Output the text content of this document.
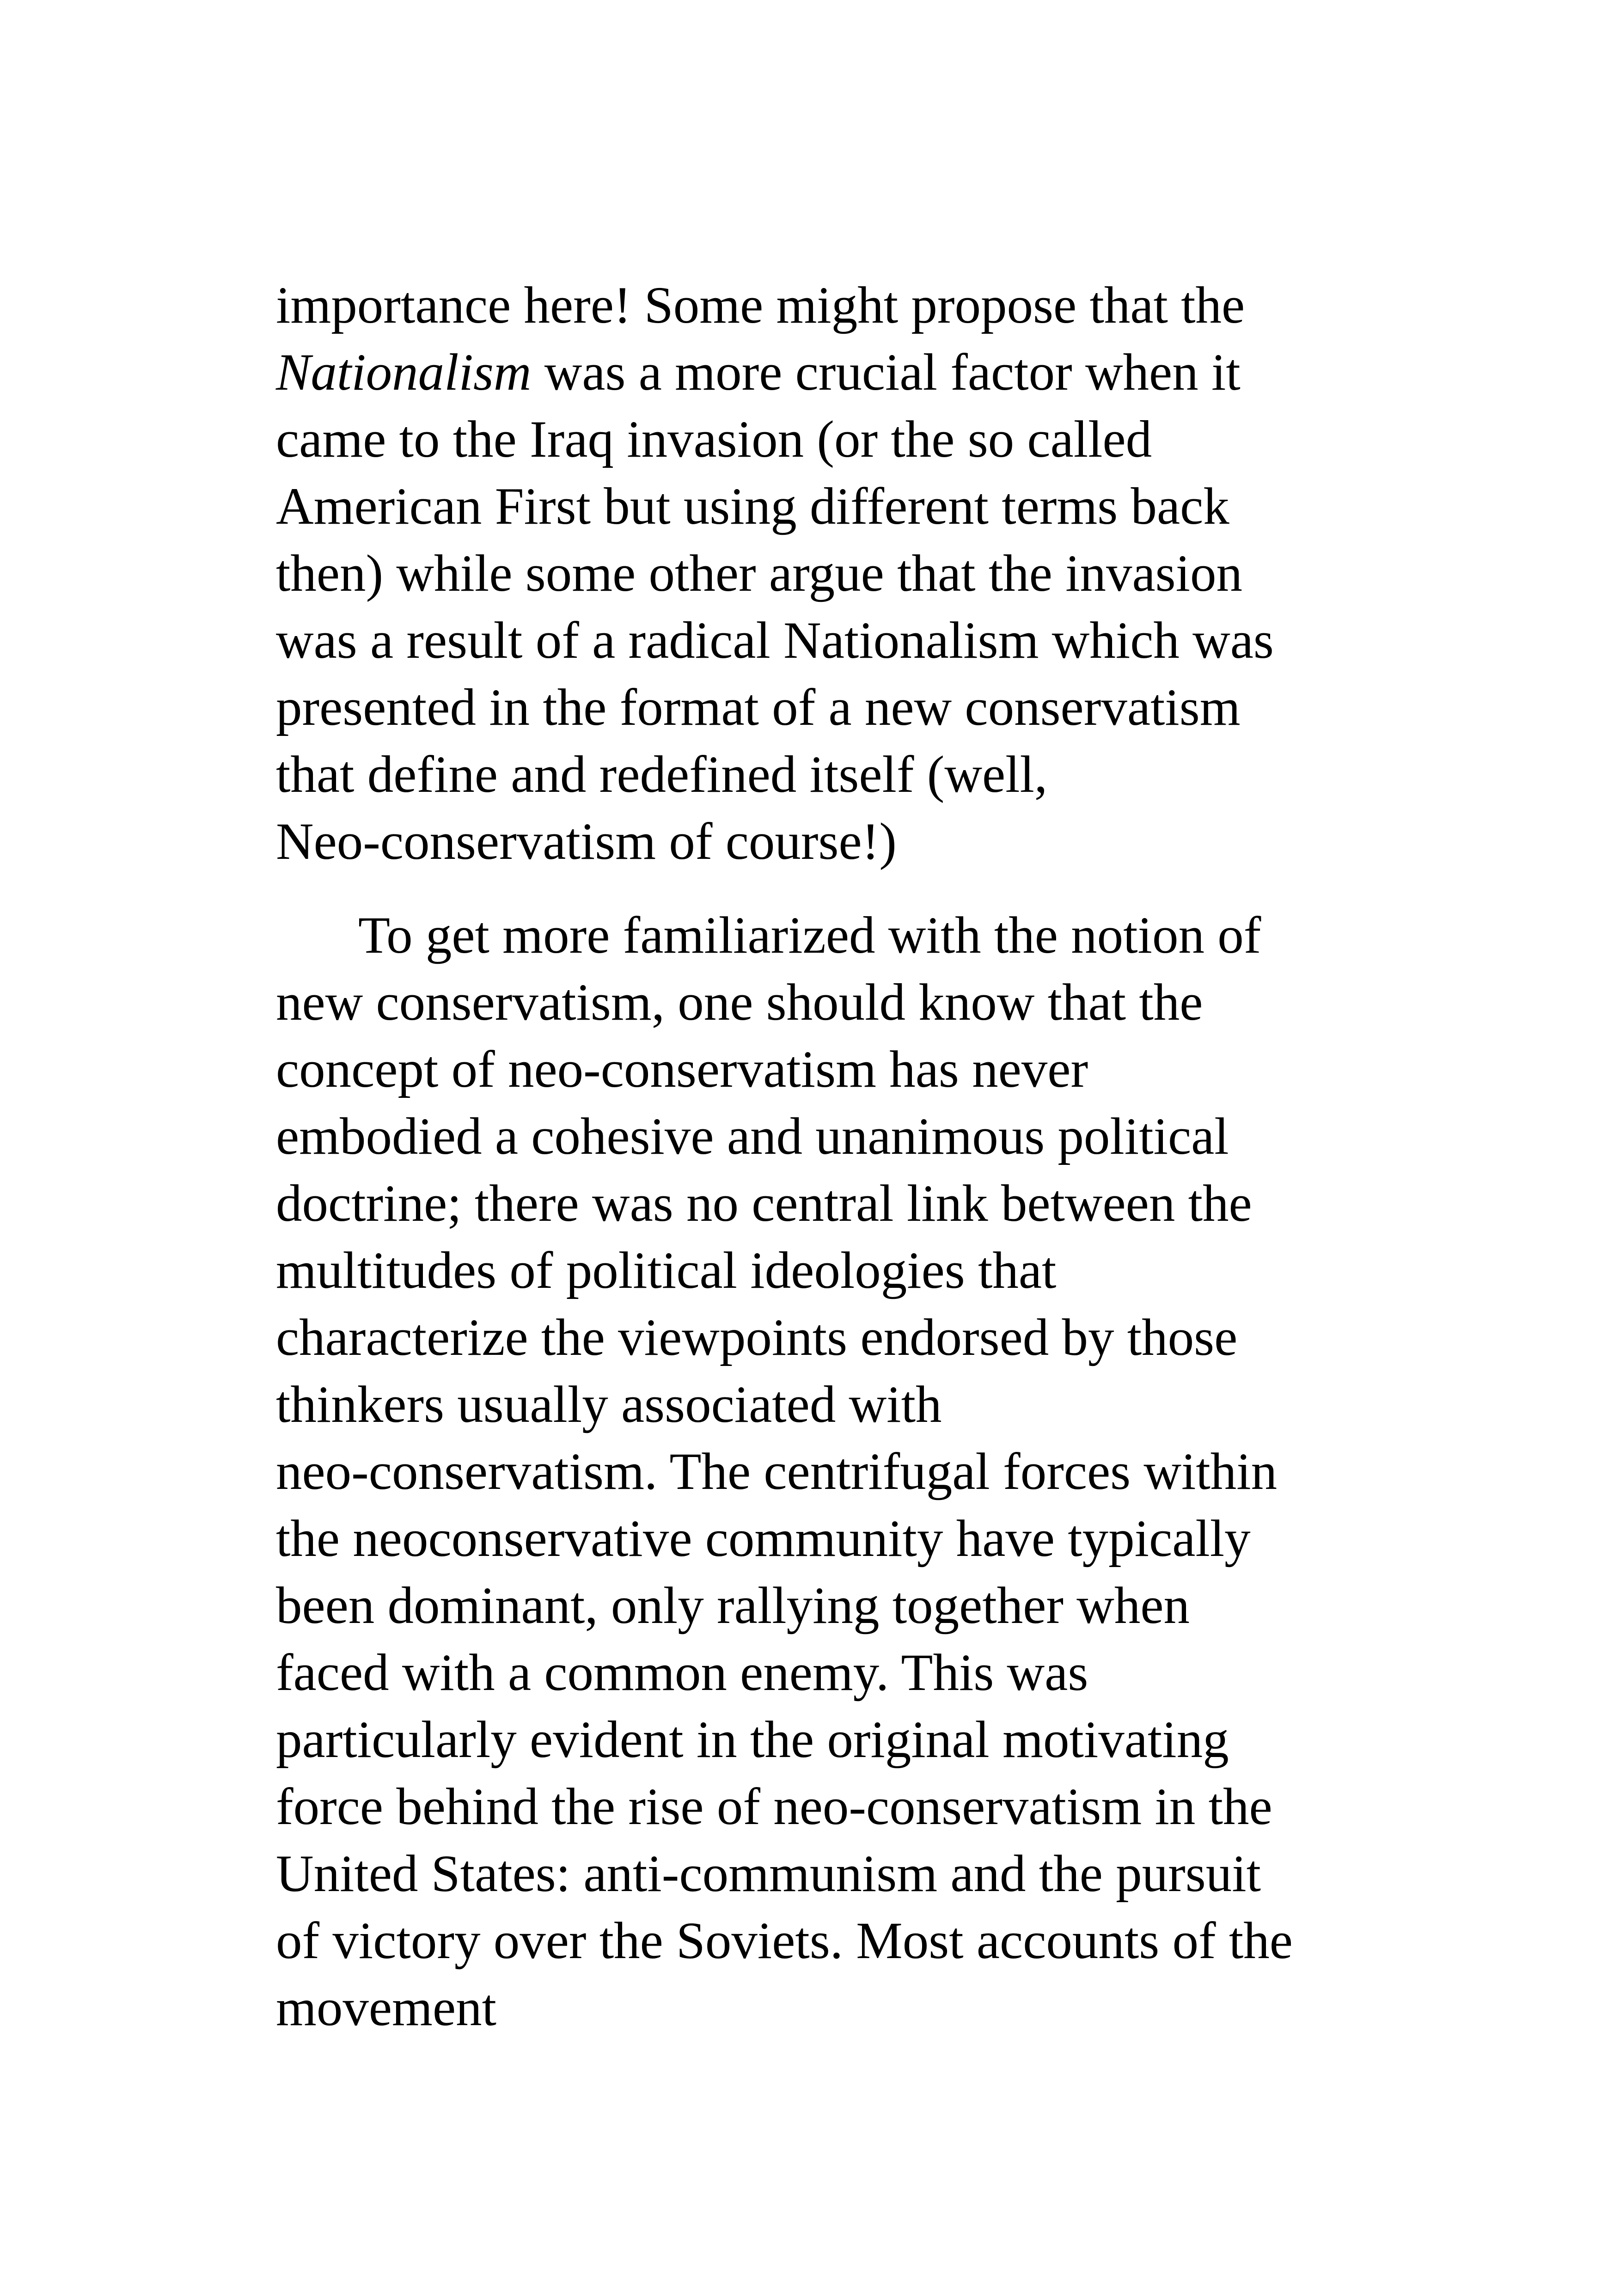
importance here! Some might propose that the
Nationalism was a more crucial factor when it
came to the Iraq invasion (or the so called
American First but using different terms back
then) while some other argue that the invasion
was a result of a radical Nationalism which was
presented in the format of a new conservatism
that define and redefined itself (well,
Neo-conservatism of course!)
To get more familiarized with the notion of
new conservatism, one should know that the
concept of neo-conservatism has never
embodied a cohesive and unanimous political
doctrine; there was no central link between the
multitudes of political ideologies that
characterize the viewpoints endorsed by those
thinkers usually associated with
neo-conservatism. The centrifugal forces within
the neoconservative community have typically
been dominant, only rallying together when
faced with a common enemy. This was
particularly evident in the original motivating
force behind the rise of neo-conservatism in the
United States: anti-communism and the pursuit
of victory over the Soviets. Most accounts of the
movement
